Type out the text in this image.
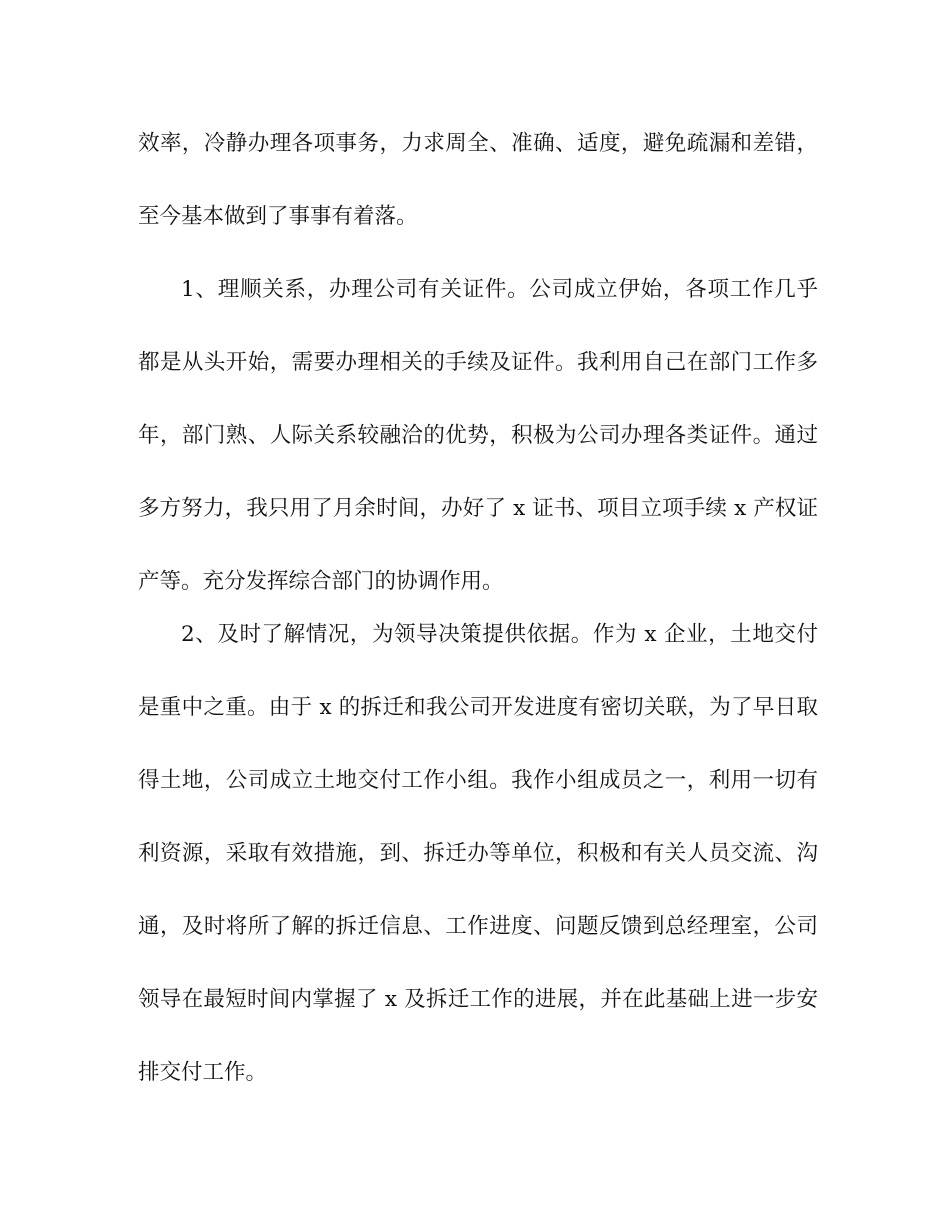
效率，冷静办理各项事务，力求周全、准确、适度，避免疏漏和差错，
至今基本做到了事事有着落。
1、理顺关系，办理公司有关证件。公司成立伊始，各项工作几乎
都是从头开始，需要办理相关的手续及证件。我利用自己在部门工作多
年，部门熟、人际关系较融洽的优势，积极为公司办理各类证件。通过
多方努力，我只用了月余时间，办好了 x 证书、项目立项手续 x 产权证
产等。充分发挥综合部门的协调作用。
2、及时了解情况，为领导决策提供依据。作为 x 企业，土地交付
是重中之重。由于 x 的拆迁和我公司开发进度有密切关联，为了早日取
得土地，公司成立土地交付工作小组。我作小组成员之一，利用一切有
利资源，采取有效措施，到、拆迁办等单位，积极和有关人员交流、沟
通，及时将所了解的拆迁信息、工作进度、问题反馈到总经理室，公司
领导在最短时间内掌握了 x 及拆迁工作的进展，并在此基础上进一步安
排交付工作。
